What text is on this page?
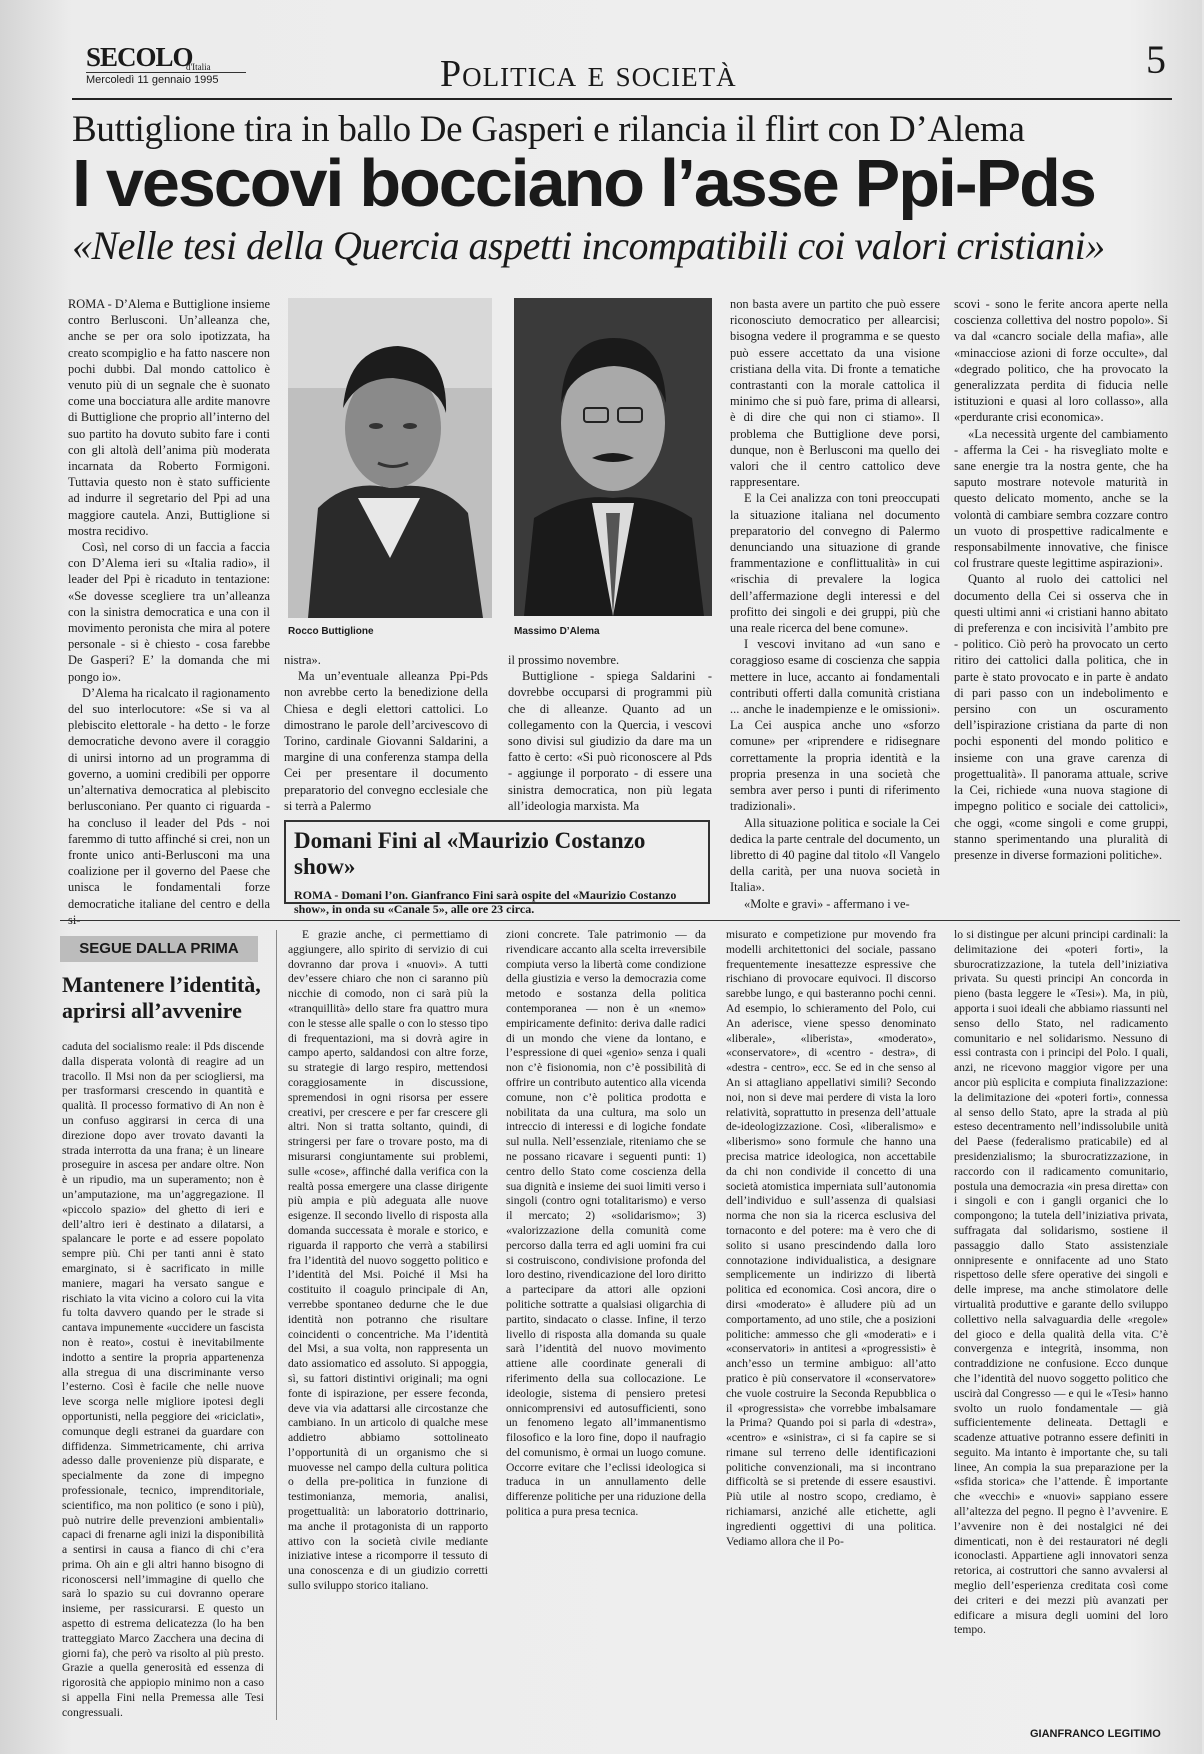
SECOLO
d'Italia
Mercoledì 11 gennaio 1995	Politica e società	5
Buttiglione tira in ballo De Gasperi e rilancia il flirt con D’Alema
I vescovi bocciano l’asse Ppi-Pds
«Nelle tesi della Quercia aspetti incompatibili coi valori cristiani»

ROMA - D’Alema e Buttiglione insieme contro Berlusconi. Un’alleanza che, anche se per ora solo ipotizzata, ha creato scompiglio e ha fatto nascere non pochi dubbi. Dal mondo cattolico è venuto più di un segnale che è suonato come una bocciatura alle ardite manovre di Buttiglione che proprio all’interno del suo partito ha dovuto subito fare i conti con gli altolà dell’anima più moderata incarnata da Roberto Formigoni. Tuttavia questo non è stato sufficiente ad indurre il segretario del Ppi ad una maggiore cautela. Anzi, Buttiglione si mostra recidivo.

Così, nel corso di un faccia a faccia con D’Alema ieri su «Italia radio», il leader del Ppi è ricaduto in tentazione: «Se dovesse scegliere tra un’alleanza con la sinistra democratica e una con il movimento peronista che mira al potere personale - si è chiesto - cosa farebbe De Gasperi? E’ la domanda che mi pongo io».

D’Alema ha ricalcato il ragionamento del suo interlocutore: «Se si va al plebiscito elettorale - ha detto - le forze democratiche devono avere il coraggio di unirsi intorno ad un programma di governo, a uomini credibili per opporre un’alternativa democratica al plebiscito berlusconiano. Per quanto ci riguarda - ha concluso il leader del Pds - noi faremmo di tutto affinché si crei, non un fronte unico anti-Berlusconi ma una coalizione per il governo del Paese che unisca le fondamentali forze democratiche italiane del centro e della si-

Rocco Buttiglione	Massimo D’Alema

nistra».

Ma un’eventuale alleanza Ppi-Pds non avrebbe certo la benedizione della Chiesa e degli elettori cattolici. Lo dimostrano le parole dell’arcivescovo di Torino, cardinale Giovanni Saldarini, a margine di una conferenza stampa della Cei per presentare il documento preparatorio del convegno ecclesiale che si terrà a Palermo

il prossimo novembre.

Buttiglione - spiega Saldarini - dovrebbe occuparsi di programmi più che di alleanze. Quanto ad un collegamento con la Quercia, i vescovi sono divisi sul giudizio da dare ma un fatto è certo: «Si può riconoscere al Pds - aggiunge il porporato - di essere una sinistra democratica, non più legata all’ideologia marxista. Ma

non basta avere un partito che può essere riconosciuto democratico per allearcisi; bisogna vedere il programma e se questo può essere accettato da una visione cristiana della vita. Di fronte a tematiche contrastanti con la morale cattolica il minimo che si può fare, prima di allearsi, è di dire che qui non ci stiamo». Il problema che Buttiglione deve porsi, dunque, non è Berlusconi ma quello dei valori che il centro cattolico deve rappresentare.

E la Cei analizza con toni preoccupati la situazione italiana nel documento preparatorio del convegno di Palermo denunciando una situazione di grande frammentazione e conflittualità» in cui «rischia di prevalere la logica dell’affermazione degli interessi e del profitto dei singoli e dei gruppi, più che una reale ricerca del bene comune».

I vescovi invitano ad «un sano e coraggioso esame di coscienza che sappia mettere in luce, accanto ai fondamentali contributi offerti dalla comunità cristiana ... anche le inadempienze e le omissioni». La Cei auspica anche uno «sforzo comune» per «riprendere e ridisegnare correttamente la propria identità e la propria presenza in una società che sembra aver perso i punti di riferimento tradizionali».

Alla situazione politica e sociale la Cei dedica la parte centrale del documento, un libretto di 40 pagine dal titolo «Il Vangelo della carità, per una nuova società in Italia».

«Molte e gravi» - affermano i ve-

scovi - sono le ferite ancora aperte nella coscienza collettiva del nostro popolo». Si va dal «cancro sociale della mafia», alle «minacciose azioni di forze occulte», dal «degrado politico, che ha provocato la generalizzata perdita di fiducia nelle istituzioni e quasi al loro collasso», alla «perdurante crisi economica».

«La necessità urgente del cambiamento - afferma la Cei - ha risvegliato molte e sane energie tra la nostra gente, che ha saputo mostrare notevole maturità in questo delicato momento, anche se la volontà di cambiare sembra cozzare contro un vuoto di prospettive radicalmente e responsabilmente innovative, che finisce col frustrare queste legittime aspirazioni».

Quanto al ruolo dei cattolici nel documento della Cei si osserva che in questi ultimi anni «i cristiani hanno abitato di preferenza e con incisività l’ambito pre - politico. Ciò però ha provocato un certo ritiro dei cattolici dalla politica, che in parte è stato provocato e in parte è andato di pari passo con un indebolimento e persino con un oscuramento dell’ispirazione cristiana da parte di non pochi esponenti del mondo politico e insieme con una grave carenza di progettualità». Il panorama attuale, scrive la Cei, richiede «una nuova stagione di impegno politico e sociale dei cattolici», che oggi, «come singoli e come gruppi, stanno sperimentando una pluralità di presenze in diverse formazioni politiche».

Domani Fini al «Maurizio Costanzo show»

ROMA - Domani l’on. Gianfranco Fini sarà ospite del «Maurizio Costanzo show», in onda su «Canale 5», alle ore 23 circa.

SEGUE DALLA PRIMA
Mantenere l’identità, aprirsi all’avvenire

caduta del socialismo reale: il Pds discende dalla disperata volontà di reagire ad un tracollo. Il Msi non da per sciogliersi, ma per trasformarsi crescendo in quantità e qualità. Il processo formativo di An non è un confuso aggirarsi in cerca di una direzione dopo aver trovato davanti la strada interrotta da una frana; è un lineare proseguire in ascesa per andare oltre. Non è un ripudio, ma un superamento; non è un’amputazione, ma un’aggregazione. Il «piccolo spazio» del ghetto di ieri e dell’altro ieri è destinato a dilatarsi, a spalancare le porte e ad essere popolato sempre più. Chi per tanti anni è stato emarginato, si è sacrificato in mille maniere, magari ha versato sangue e rischiato la vita vicino a coloro cui la vita fu tolta davvero quando per le strade si cantava impunemente «uccidere un fascista non è reato», costui è inevitabilmente indotto a sentire la propria appartenenza alla stregua di una discriminante verso l’esterno. Così è facile che nelle nuove leve scorga nelle migliore ipotesi degli opportunisti, nella peggiore dei «riciclati», comunque degli estranei da guardare con diffidenza. Simmetricamente, chi arriva adesso dalle provenienze più disparate, e specialmente da zone di impegno professionale, tecnico, imprenditoriale, scientifico, ma non politico (e sono i più), può nutrire delle prevenzioni ambientali» capaci di frenarne agli inizi la disponibilità a sentirsi in causa a fianco di chi c’era prima. Oh ain e gli altri hanno bisogno di riconoscersi nell’immagine di quello che sarà lo spazio su cui dovranno operare insieme, per rassicurarsi. E questo un aspetto di estrema delicatezza (lo ha ben tratteggiato Marco Zacchera una decina di giorni fa), che però va risolto al più presto. Grazie a quella generosità ed essenza di rigorosità che appiopio minimo non a caso si appella Fini nella Premessa alle Tesi congressuali.

E grazie anche, ci permettiamo di aggiungere, allo spirito di servizio di cui dovranno dar prova i «nuovi». A tutti dev’essere chiaro che non ci saranno più nicchie di comodo, non ci sarà più la «tranquillità» dello stare fra quattro mura con le stesse alle spalle o con lo stesso tipo di frequentazioni, ma si dovrà agire in campo aperto, saldandosi con altre forze, su strategie di largo respiro, mettendosi coraggiosamente in discussione, spremendosi in ogni risorsa per essere creativi, per crescere e per far crescere gli altri. Non si tratta soltanto, quindi, di stringersi per fare o trovare posto, ma di misurarsi congiuntamente sui problemi, sulle «cose», affinché dalla verifica con la realtà possa emergere una classe dirigente più ampia e più adeguata alle nuove esigenze. Il secondo livello di risposta alla domanda successata è morale e storico, e riguarda il rapporto che verrà a stabilirsi fra l’identità del nuovo soggetto politico e l’identità del Msi. Poiché il Msi ha costituito il coagulo principale di An, verrebbe spontaneo dedurne che le due identità non potranno che risultare coincidenti o concentriche. Ma l’identità del Msi, a sua volta, non rappresenta un dato assiomatico ed assoluto. Si appoggia, sì, su fattori distintivi originali; ma ogni fonte di ispirazione, per essere feconda, deve via via adattarsi alle circostanze che cambiano. In un articolo di qualche mese addietro abbiamo sottolineato l’opportunità di un organismo che si muovesse nel campo della cultura politica o della pre-politica in funzione di testimonianza, memoria, analisi, progettualità: un laboratorio dottrinario, ma anche il protagonista di un rapporto attivo con la società civile mediante iniziative intese a ricomporre il tessuto di una conoscenza e di un giudizio corretti sullo sviluppo storico italiano.

zioni concrete. Tale patrimonio — da rivendicare accanto alla scelta irreversibile compiuta verso la libertà come condizione della giustizia e verso la democrazia come metodo e sostanza della politica contemporanea — non è un «nemo» empiricamente definito: deriva dalle radici di un mondo che viene da lontano, e l’espressione di quei «genio» senza i quali non c’è fisionomia, non c’è possibilità di offrire un contributo autentico alla vicenda comune, non c’è politica prodotta e nobilitata da una cultura, ma solo un intreccio di interessi e di logiche fondate sul nulla. Nell’essenziale, riteniamo che se ne possano ricavare i seguenti punti: 1) centro dello Stato come coscienza della sua dignità e insieme dei suoi limiti verso i singoli (contro ogni totalitarismo) e verso il mercato; 2) «solidarismo»; 3) «valorizzazione della comunità come percorso dalla terra ed agli uomini fra cui si costruiscono, condivisione profonda del loro destino, rivendicazione del loro diritto a partecipare da attori alle opzioni politiche sottratte a qualsiasi oligarchia di partito, sindacato o classe. Infine, il terzo livello di risposta alla domanda su quale sarà l’identità del nuovo movimento attiene alle coordinate generali di riferimento della sua collocazione. Le ideologie, sistema di pensiero pretesi onnicomprensivi ed autosufficienti, sono un fenomeno legato all’immanentismo filosofico e la loro fine, dopo il naufragio del comunismo, è ormai un luogo comune. Occorre evitare che l’eclissi ideologica si traduca in un annullamento delle differenze politiche per una riduzione della politica a pura presa tecnica.

misurato e competizione pur movendo fra modelli architettonici del sociale, passano frequentemente inesattezze espressive che rischiano di provocare equivoci. Il discorso sarebbe lungo, e qui basteranno pochi cenni. Ad esempio, lo schieramento del Polo, cui An aderisce, viene spesso denominato «liberale», «liberista», «moderato», «conservatore», di «centro - destra», di «destra - centro», ecc. Se ed in che senso al An si attagliano appellativi simili? Secondo noi, non si deve mai perdere di vista la loro relatività, soprattutto in presenza dell’attuale de-ideologizzazione. Così, «liberalismo» e «liberismo» sono formule che hanno una precisa matrice ideologica, non accettabile da chi non condivide il concetto di una società atomistica imperniata sull’autonomia dell’individuo e sull’assenza di qualsiasi norma che non sia la ricerca esclusiva del tornaconto e del potere: ma è vero che di solito si usano prescindendo dalla loro connotazione individualistica, a designare semplicemente un indirizzo di libertà politica ed economica. Così ancora, dire o dirsi «moderato» è alludere più ad un comportamento, ad uno stile, che a posizioni politiche: ammesso che gli «moderati» e i «conservatori» in antitesi a «progressisti» è anch’esso un termine ambiguo: all’atto pratico è più conservatore il «conservatore» che vuole costruire la Seconda Repubblica o il «progressista» che vorrebbe imbalsamare la Prima? Quando poi si parla di «destra», «centro» e «sinistra», ci si fa capire se si rimane sul terreno delle identificazioni politiche convenzionali, ma si incontrano difficoltà se si pretende di essere esaustivi. Più utile al nostro scopo, crediamo, è richiamarsi, anziché alle etichette, agli ingredienti oggettivi di una politica. Vediamo allora che il Po-

lo si distingue per alcuni principi cardinali: la delimitazione dei «poteri forti», la sburocratizzazione, la tutela dell’iniziativa privata. Su questi principi An concorda in pieno (basta leggere le «Tesi»). Ma, in più, apporta i suoi ideali che abbiamo riassunti nel senso dello Stato, nel radicamento comunitario e nel solidarismo. Nessuno di essi contrasta con i principi del Polo. I quali, anzi, ne ricevono maggior vigore per una ancor più esplicita e compiuta finalizzazione: la delimitazione dei «poteri forti», connessa al senso dello Stato, apre la strada al più esteso decentramento nell’indissolubile unità del Paese (federalismo praticabile) ed al presidenzialismo; la sburocratizzazione, in raccordo con il radicamento comunitario, postula una democrazia «in presa diretta» con i singoli e con i gangli organici che lo compongono; la tutela dell’iniziativa privata, suffragata dal solidarismo, sostiene il passaggio dallo Stato assistenziale onnipresente e onnifacente ad uno Stato rispettoso delle sfere operative dei singoli e delle imprese, ma anche stimolatore delle virtualità produttive e garante dello sviluppo collettivo nella salvaguardia delle «regole» del gioco e della qualità della vita. C’è convergenza e integrità, insomma, non contraddizione ne confusione. Ecco dunque che l’identità del nuovo soggetto politico che uscirà dal Congresso — e qui le «Tesi» hanno svolto un ruolo fondamentale — già sufficientemente delineata. Dettagli e scadenze attuative potranno essere definiti in seguito. Ma intanto è importante che, su tali linee, An compia la sua preparazione per la «sfida storica» che l’attende. È importante che «vecchi» e «nuovi» sappiano essere all’altezza del pegno. Il pegno è l’avvenire. E l’avvenire non è dei nostalgici né dei dimenticati, non è dei restauratori né degli iconoclasti. Appartiene agli innovatori senza retorica, ai costruttori che sanno avvalersi al meglio dell’esperienza creditata così come dei criteri e dei mezzi più avanzati per edificare a misura degli uomini del loro tempo.

GIANFRANCO LEGITIMO
